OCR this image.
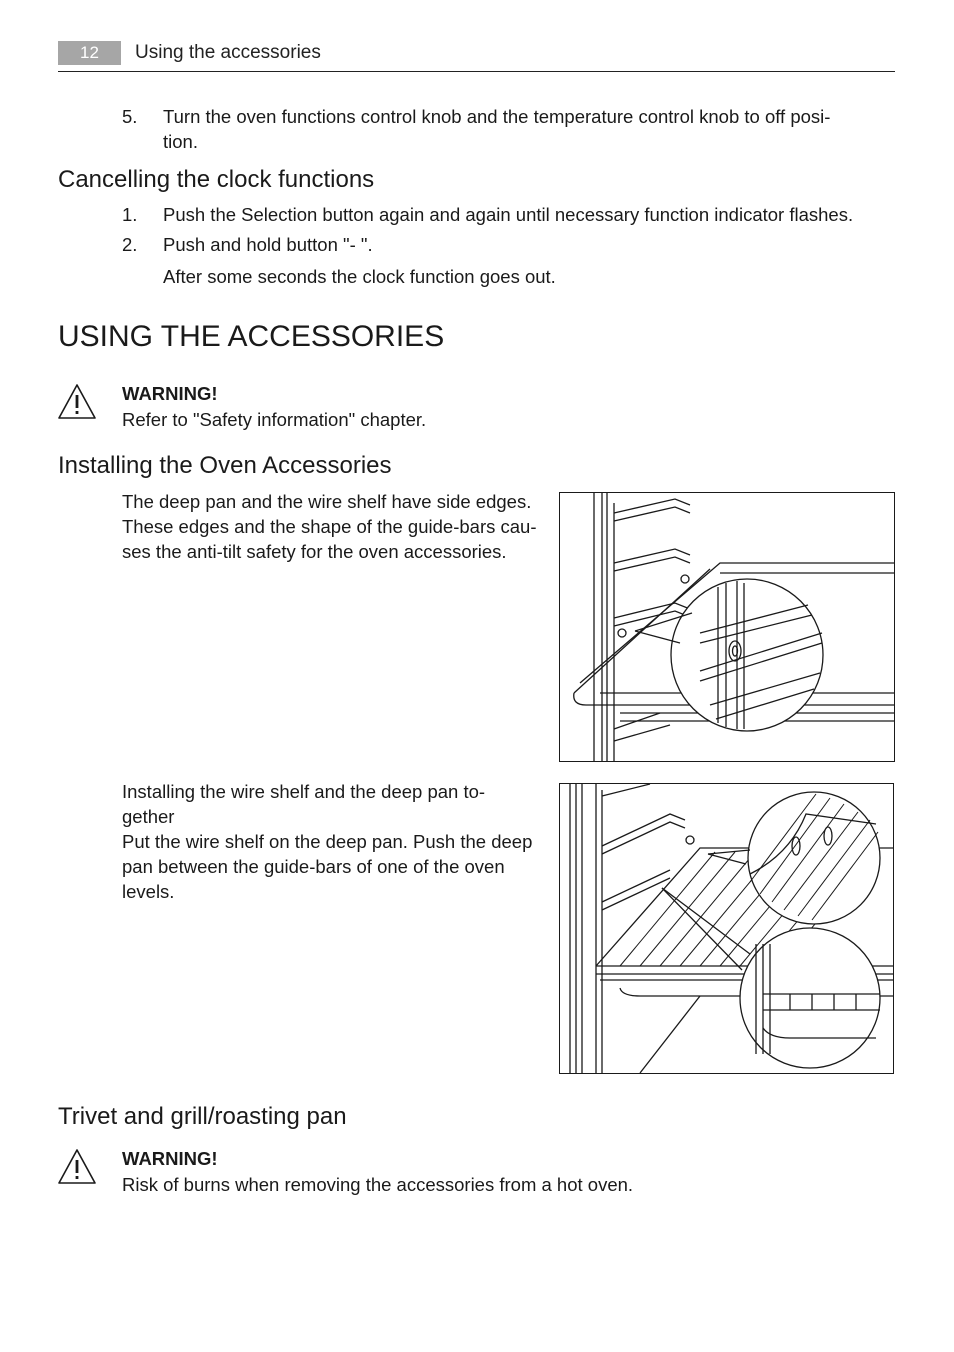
12	Using the accessories
5.	Turn the oven functions control knob and the temperature control knob to off posi-
tion.
Cancelling the clock functions
1.	Push the Selection button again and again until necessary function indicator flashes.
2.	Push and hold button "- ".
After some seconds the clock function goes out.
USING THE ACCESSORIES
WARNING!
Refer to "Safety information" chapter.
Installing the Oven Accessories
The deep pan and the wire shelf have side edges.
These edges and the shape of the guide-bars cau-
ses the anti-tilt safety for the oven accessories.
Installing the wire shelf and the deep pan to-
gether
Put the wire shelf on the deep pan. Push the deep
pan between the guide-bars of one of the oven
levels.
Trivet and grill/roasting pan
WARNING!
Risk of burns when removing the accessories from a hot oven.
